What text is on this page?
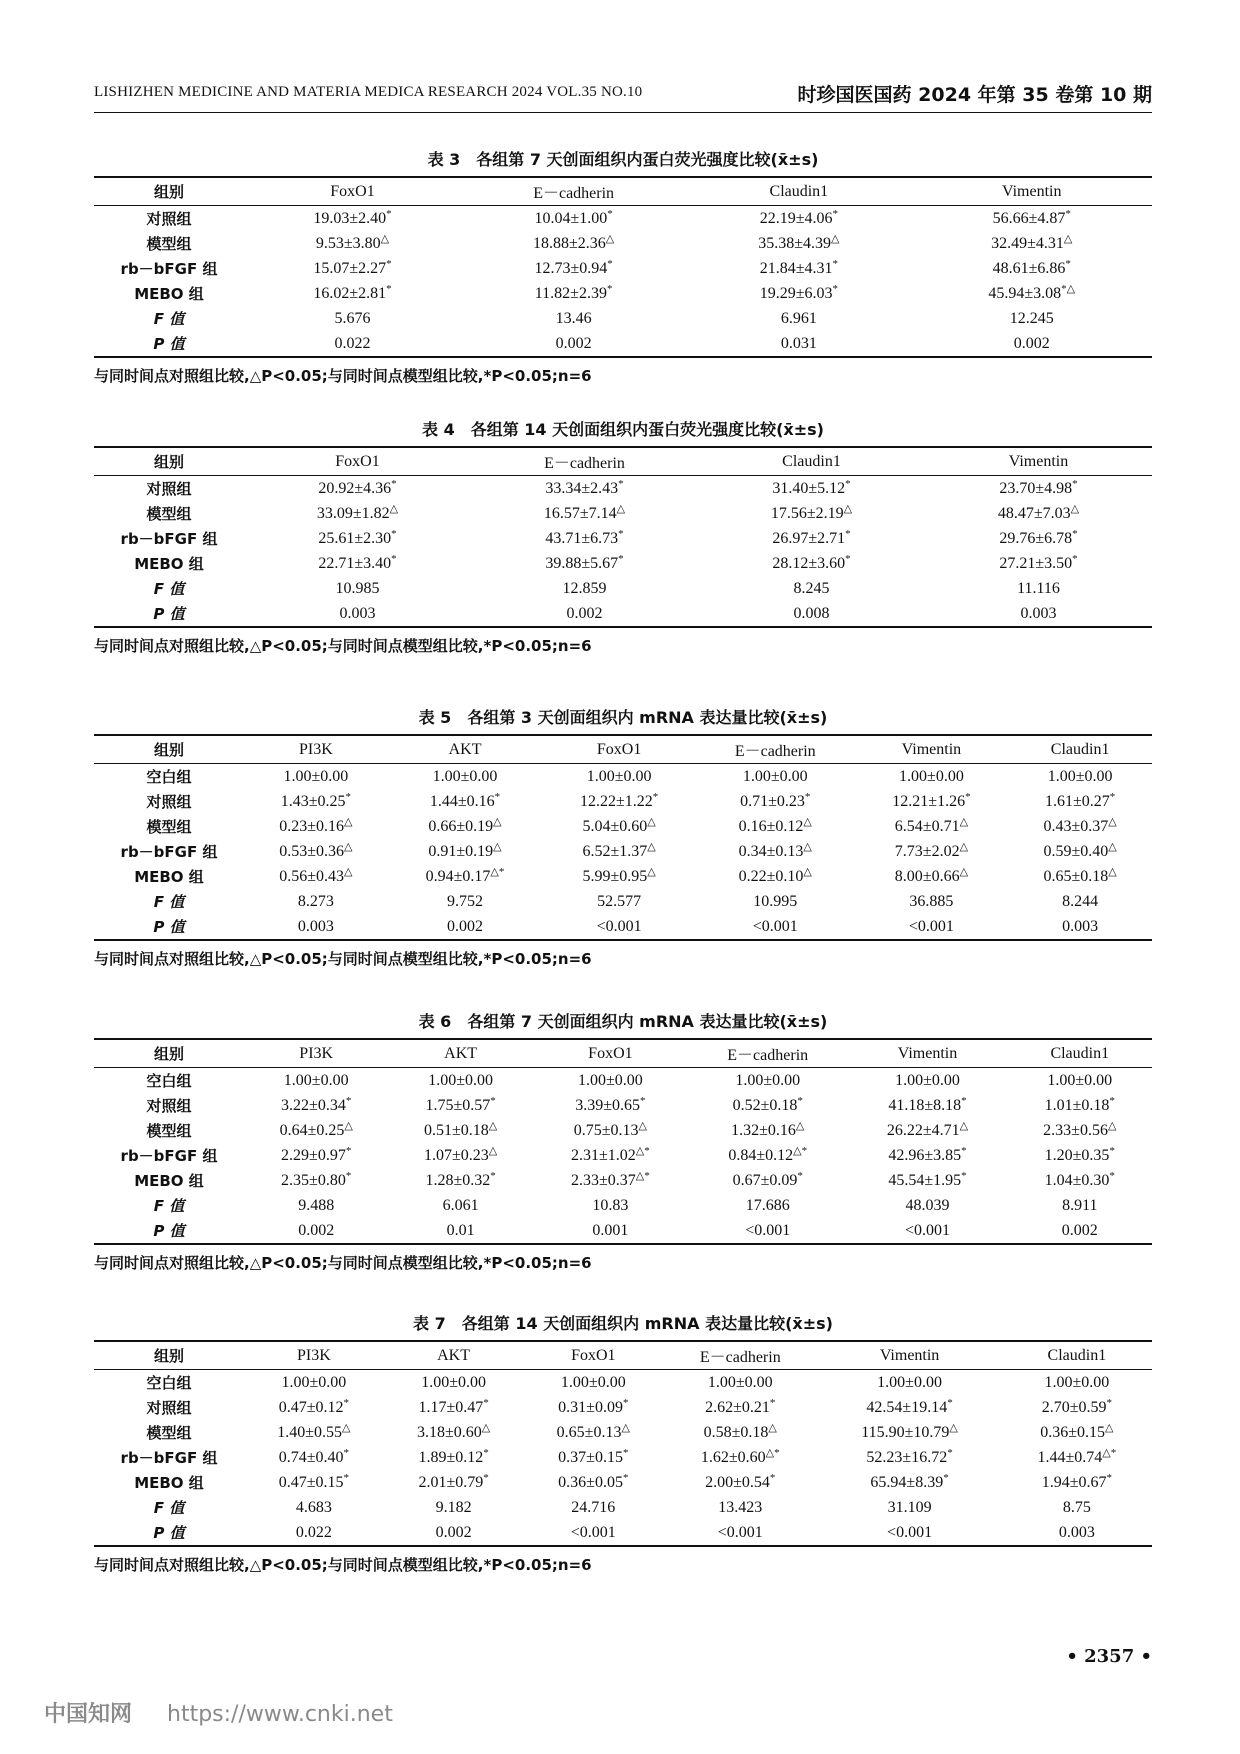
LISHIZHEN MEDICINE AND MATERIA MEDICA RESEARCH 2024 VOL.35 NO.10	时珍国医国药 2024 年第 35 卷第 10 期
表 3　各组第 7 天创面组织内蛋白荧光强度比较(x̄±s)
组别	FoxO1	E－cadherin	Claudin1	Vimentin
对照组	19.03±2.40*	10.04±1.00*	22.19±4.06*	56.66±4.87*
模型组	9.53±3.80△	18.88±2.36△	35.38±4.39△	32.49±4.31△
rb－bFGF 组	15.07±2.27*	12.73±0.94*	21.84±4.31*	48.61±6.86*
MEBO 组	16.02±2.81*	11.82±2.39*	19.29±6.03*	45.94±3.08*△
F 值	5.676	13.46	6.961	12.245
P 值	0.022	0.002	0.031	0.002
与同时间点对照组比较,△P<0.05;与同时间点模型组比较,*P<0.05;n=6
表 4　各组第 14 天创面组织内蛋白荧光强度比较(x̄±s)
组别	FoxO1	E－cadherin	Claudin1	Vimentin
对照组	20.92±4.36*	33.34±2.43*	31.40±5.12*	23.70±4.98*
模型组	33.09±1.82△	16.57±7.14△	17.56±2.19△	48.47±7.03△
rb－bFGF 组	25.61±2.30*	43.71±6.73*	26.97±2.71*	29.76±6.78*
MEBO 组	22.71±3.40*	39.88±5.67*	28.12±3.60*	27.21±3.50*
F 值	10.985	12.859	8.245	11.116
P 值	0.003	0.002	0.008	0.003
与同时间点对照组比较,△P<0.05;与同时间点模型组比较,*P<0.05;n=6
表 5　各组第 3 天创面组织内 mRNA 表达量比较(x̄±s)
组别	PI3K	AKT	FoxO1	E－cadherin	Vimentin	Claudin1
空白组	1.00±0.00	1.00±0.00	1.00±0.00	1.00±0.00	1.00±0.00	1.00±0.00
对照组	1.43±0.25*	1.44±0.16*	12.22±1.22*	0.71±0.23*	12.21±1.26*	1.61±0.27*
模型组	0.23±0.16△	0.66±0.19△	5.04±0.60△	0.16±0.12△	6.54±0.71△	0.43±0.37△
rb－bFGF 组	0.53±0.36△	0.91±0.19△	6.52±1.37△	0.34±0.13△	7.73±2.02△	0.59±0.40△
MEBO 组	0.56±0.43△	0.94±0.17△*	5.99±0.95△	0.22±0.10△	8.00±0.66△	0.65±0.18△
F 值	8.273	9.752	52.577	10.995	36.885	8.244
P 值	0.003	0.002	<0.001	<0.001	<0.001	0.003
与同时间点对照组比较,△P<0.05;与同时间点模型组比较,*P<0.05;n=6
表 6　各组第 7 天创面组织内 mRNA 表达量比较(x̄±s)
组别	PI3K	AKT	FoxO1	E－cadherin	Vimentin	Claudin1
空白组	1.00±0.00	1.00±0.00	1.00±0.00	1.00±0.00	1.00±0.00	1.00±0.00
对照组	3.22±0.34*	1.75±0.57*	3.39±0.65*	0.52±0.18*	41.18±8.18*	1.01±0.18*
模型组	0.64±0.25△	0.51±0.18△	0.75±0.13△	1.32±0.16△	26.22±4.71△	2.33±0.56△
rb－bFGF 组	2.29±0.97*	1.07±0.23△	2.31±1.02△*	0.84±0.12△*	42.96±3.85*	1.20±0.35*
MEBO 组	2.35±0.80*	1.28±0.32*	2.33±0.37△*	0.67±0.09*	45.54±1.95*	1.04±0.30*
F 值	9.488	6.061	10.83	17.686	48.039	8.911
P 值	0.002	0.01	0.001	<0.001	<0.001	0.002
与同时间点对照组比较,△P<0.05;与同时间点模型组比较,*P<0.05;n=6
表 7　各组第 14 天创面组织内 mRNA 表达量比较(x̄±s)
组别	PI3K	AKT	FoxO1	E－cadherin	Vimentin	Claudin1
空白组	1.00±0.00	1.00±0.00	1.00±0.00	1.00±0.00	1.00±0.00	1.00±0.00
对照组	0.47±0.12*	1.17±0.47*	0.31±0.09*	2.62±0.21*	42.54±19.14*	2.70±0.59*
模型组	1.40±0.55△	3.18±0.60△	0.65±0.13△	0.58±0.18△	115.90±10.79△	0.36±0.15△
rb－bFGF 组	0.74±0.40*	1.89±0.12*	0.37±0.15*	1.62±0.60△*	52.23±16.72*	1.44±0.74△*
MEBO 组	0.47±0.15*	2.01±0.79*	0.36±0.05*	2.00±0.54*	65.94±8.39*	1.94±0.67*
F 值	4.683	9.182	24.716	13.423	31.109	8.75
P 值	0.022	0.002	<0.001	<0.001	<0.001	0.003
与同时间点对照组比较,△P<0.05;与同时间点模型组比较,*P<0.05;n=6
• 2357 •
中国知网 https://www.cnki.net
